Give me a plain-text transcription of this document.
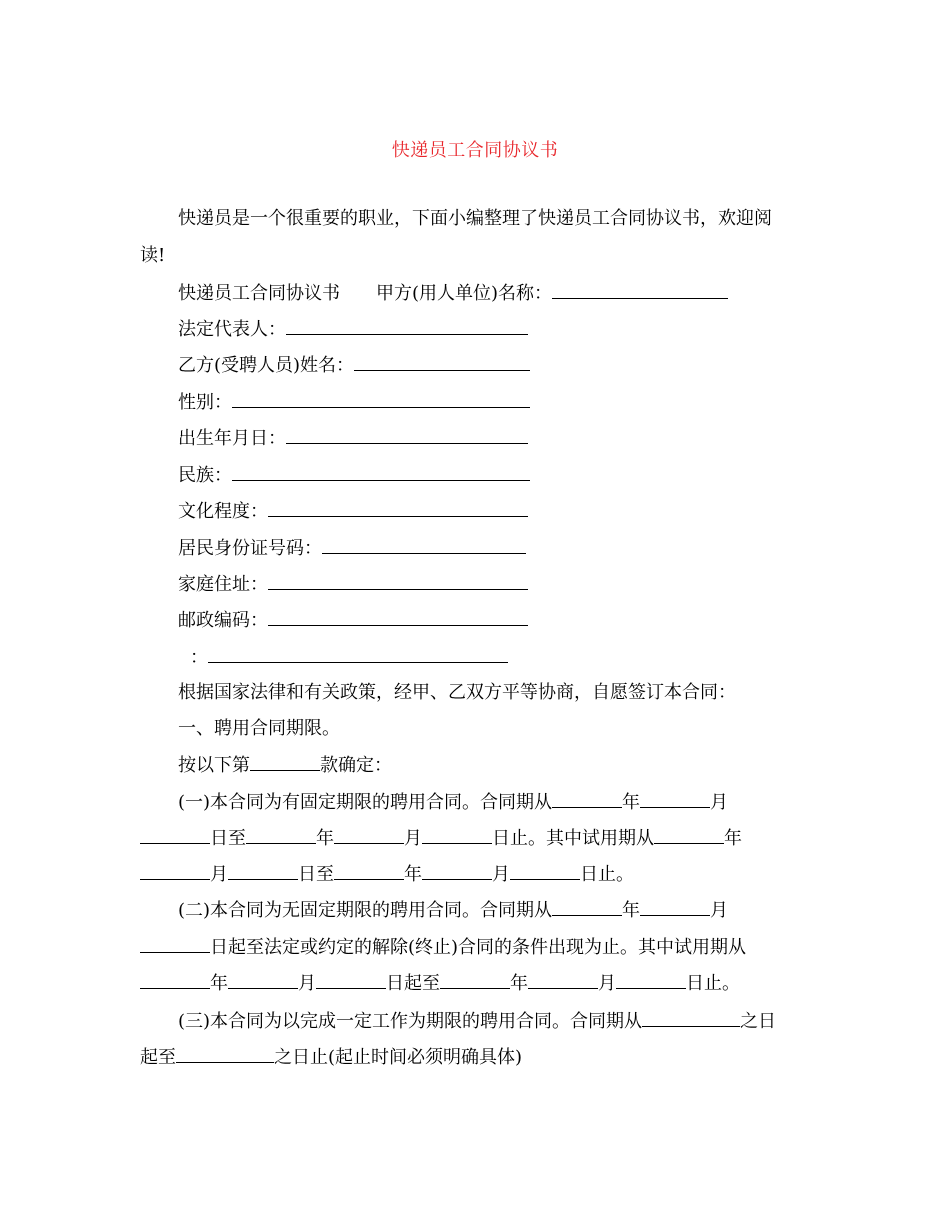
快递员工合同协议书
快递员是一个很重要的职业，下面小编整理了快递员工合同协议书，欢迎阅
读!
快递员工合同协议书 甲方(用人单位)名称：
法定代表人：
乙方(受聘人员)姓名：
性别：
出生年月日：
民族：
文化程度：
居民身份证号码：
家庭住址：
邮政编码：
：
根据国家法律和有关政策，经甲、乙双方平等协商，自愿签订本合同：
一、聘用合同期限。
按以下第	款确定：
(一)本合同为有固定期限的聘用合同。合同期从	年	月
日至	年	月	日止。其中试用期从	年
月	日至	年	月	日止。
(二)本合同为无固定期限的聘用合同。合同期从	年	月
日起至法定或约定的解除(终止)合同的条件出现为止。其中试用期从
年	月	日起至	年	月	日止。
(三)本合同为以完成一定工作为期限的聘用合同。合同期从	之日
起至	之日止(起止时间必须明确具体)
